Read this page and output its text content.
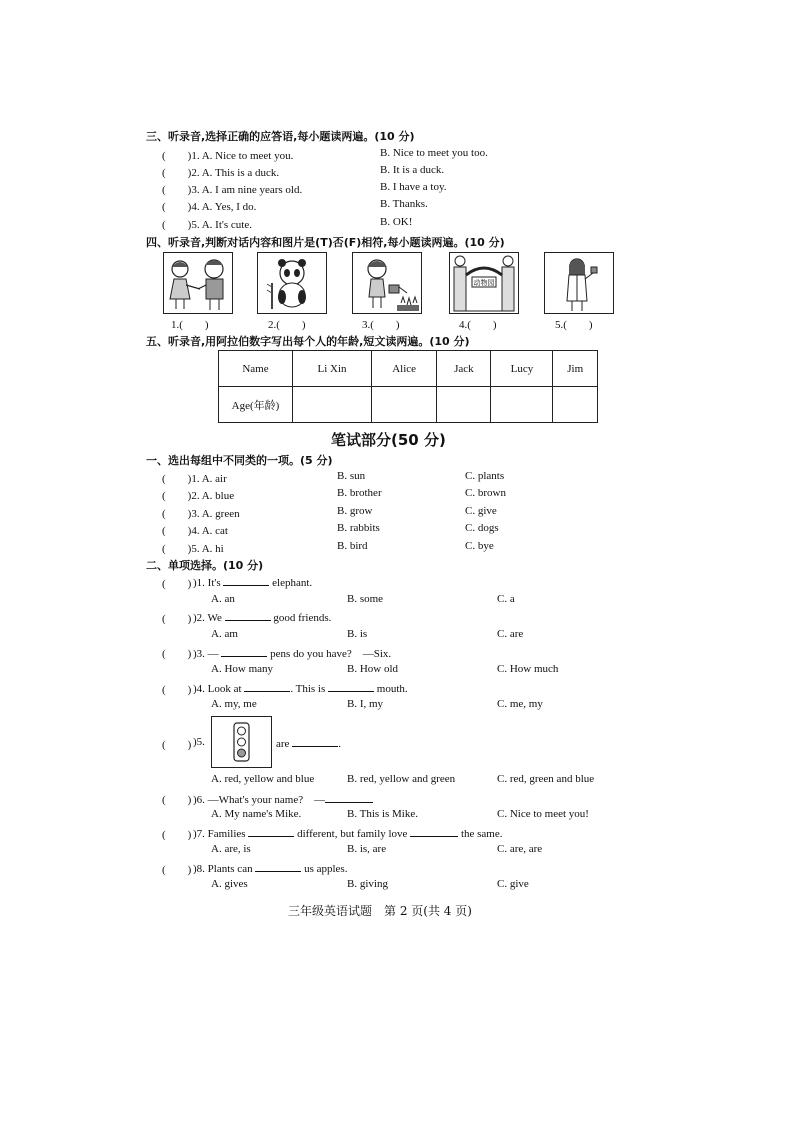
三、听录音,选择正确的应答语,每小题读两遍。(10 分)
(　　)1. A. Nice to meet you.	B. Nice to meet you too.
(　　)2. A. This is a duck.	B. It is a duck.
(　　)3. A. I am nine years old.	B. I have a toy.
(　　)4. A. Yes, I do.	B. Thanks.
(　　)5. A. It's cute.	B. OK!
四、听录音,判断对话内容和图片是(T)否(F)相符,每小题读两遍。(10 分)
动物园
1.(　　)	2.(　　)	3.(　　)	4.(　　)	5.(　　)
五、听录音,用阿拉伯数字写出每个人的年龄,短文读两遍。(10 分)
Name	Li Xin	Alice	Jack	Lucy	Jim
Age(年龄)					
笔试部分(50 分)
一、选出每组中不同类的一项。(5 分)
(　　)1. A. air	B. sun	C. plants
(　　)2. A. blue	B. brother	C. brown
(　　)3. A. green	B. grow	C. give
(　　)4. A. cat	B. rabbits	C. dogs
(　　)5. A. hi	B. bird	C. bye
二、单项选择。(10 分)
(　　) )1. It's	elephant.
A. an	B. some	C. a
(　　) )2. We	good friends.
A. am	B. is	C. are
(　　) )3. —	pens do you have?　—Six.
A. How many	B. How old	C. How much
(　　) )4. Look at	. This is	mouth.
A. my, me	B. I, my	C. me, my
(　　) )5.	are	.
A. red, yellow and blue	B. red, yellow and green	C. red, green and blue
(　　) )6. —What's your name?　—
A. My name's Mike.	B. This is Mike.	C. Nice to meet you!
(　　) )7. Families	different, but family love	the same.
A. are, is	B. is, are	C. are, are
(　　) )8. Plants can	us apples.
A. gives	B. giving	C. give
三年级英语试题　第 2 页(共 4 页)
